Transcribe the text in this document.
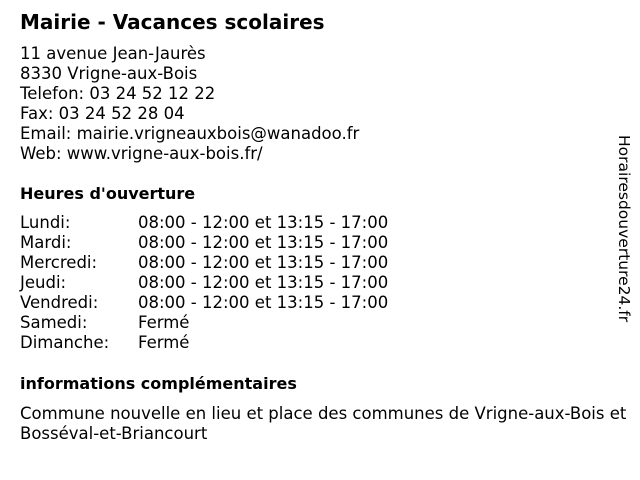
Mairie - Vacances scolaires
11 avenue Jean-Jaurès
8330 Vrigne-aux-Bois
Telefon: 03 24 52 12 22
Fax: 03 24 52 28 04
Email: mairie.vrigneauxbois@wanadoo.fr
Web: www.vrigne-aux-bois.fr/
Heures d'ouverture
Lundi:	08:00 - 12:00 et 13:15 - 17:00
Mardi:	08:00 - 12:00 et 13:15 - 17:00
Mercredi: 08:00 - 12:00 et 13:15 - 17:00
Jeudi:	08:00 - 12:00 et 13:15 - 17:00
Vendredi: 08:00 - 12:00 et 13:15 - 17:00
Samedi:	Fermé
Dimanche: Fermé
informations complémentaires
Commune nouvelle en lieu et place des communes de Vrigne-aux-Bois et Bosséval-et-Briancourt
Horairesdouverture24.fr
